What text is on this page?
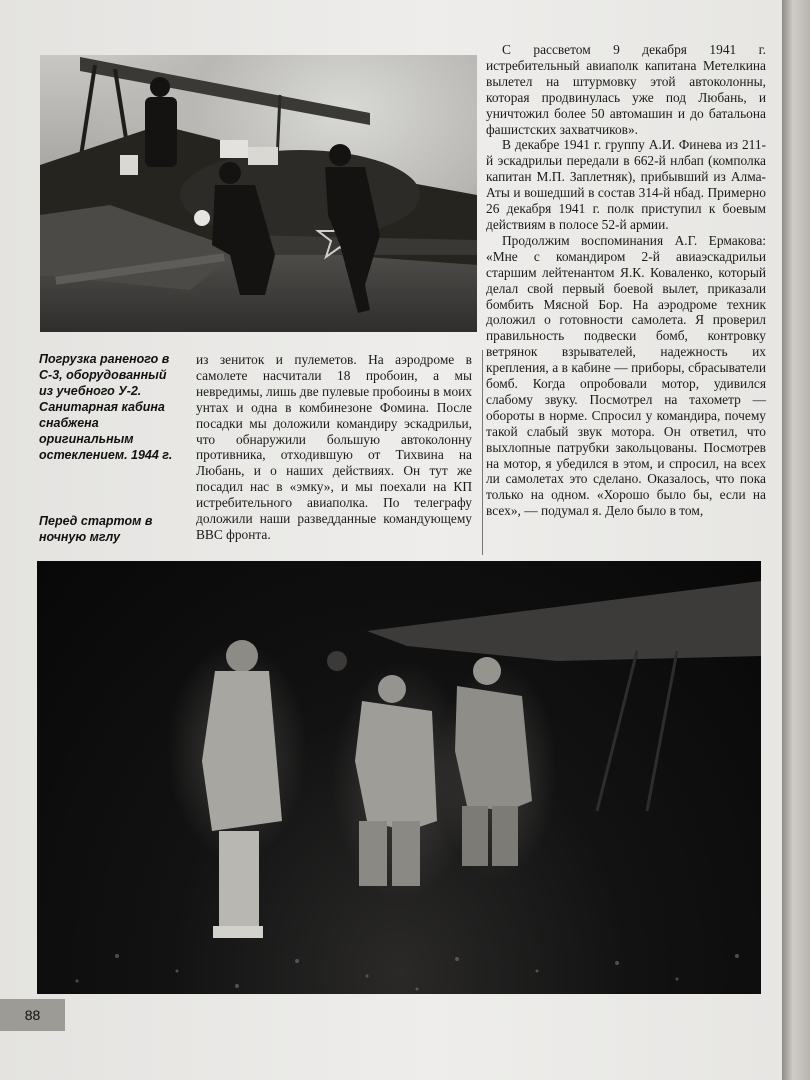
Погрузка раненого в С-3, оборудованный из учебного У-2. Санитарная кабина снабжена оригинальным остеклением. 1944 г.
Перед стартом в ночную мглу

из зениток и пулеметов. На аэродроме в самолете насчитали 18 пробоин, а мы невредимы, лишь две пулевые пробоины в моих унтах и одна в комбинезоне Фомина. После посадки мы доложили командиру эскадрильи, что обнаружили большую автоколонну противника, отходившую от Тихвина на Любань, и о наших действиях. Он тут же посадил нас в «эмку», и мы поехали на КП истребительного авиаполка. По телеграфу доложили наши разведданные командующему ВВС фронта.

С рассветом 9 декабря 1941 г. истребительный авиаполк капитана Метелкина вылетел на штурмовку этой автоколонны, которая продвинулась уже под Любань, и уничтожил более 50 автомашин и до батальона фашистских захватчиков».

В декабре 1941 г. группу А.И. Финева из 211-й эскадрильи передали в 662-й нлбап (комполка капитан М.П. Заплетняк), прибывший из Алма-Аты и вошедший в состав 314-й нбад. Примерно 26 декабря 1941 г. полк приступил к боевым действиям в полосе 52-й армии.

Продолжим воспоминания А.Г. Ермакова: «Мне с командиром 2-й авиаэскадрильи старшим лейтенантом Я.К. Коваленко, который делал свой первый боевой вылет, приказали бомбить Мясной Бор. На аэродроме техник доложил о готовности самолета. Я проверил правильность подвески бомб, контровку ветрянок взрывателей, надежность их крепления, а в кабине — приборы, сбрасыватели бомб. Когда опробовали мотор, удивился слабому звуку. Посмотрел на тахометр — обороты в норме. Спросил у командира, почему такой слабый звук мотора. Он ответил, что выхлопные патрубки закольцованы. Посмотрев на мотор, я убедился в этом, и спросил, на всех ли самолетах это сделано. Оказалось, что пока только на одном. «Хорошо было бы, если на всех», — подумал я. Дело было в том,

88
